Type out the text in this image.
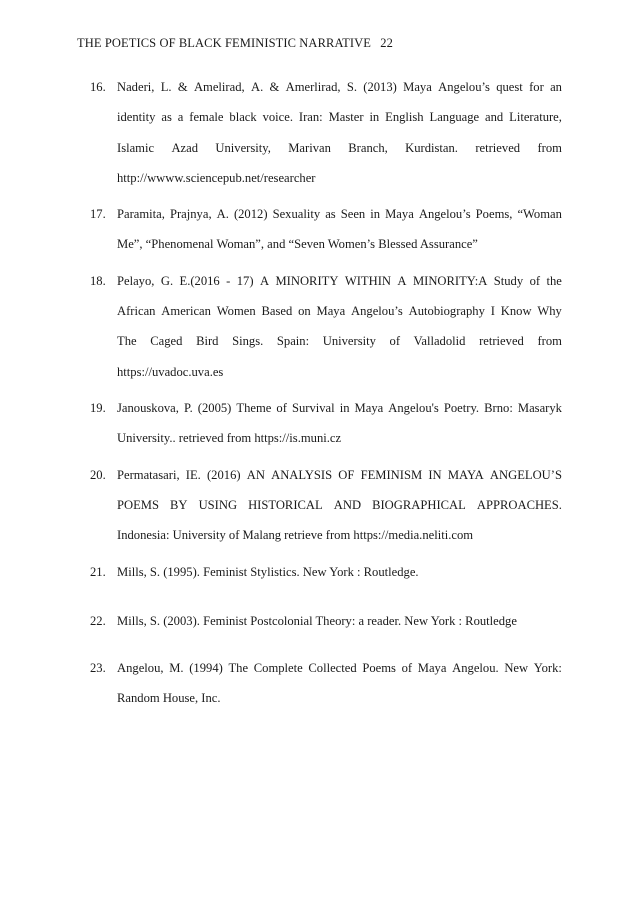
THE POETICS OF BLACK FEMINISTIC NARRATIVE 22
16. Naderi, L. & Amelirad, A. & Amerlirad, S. (2013) Maya Angelou’s quest for an
identity as a female black voice. Iran: Master in English Language and Literature,
Islamic Azad University, Marivan Branch, Kurdistan. retrieved from
http://wwww.sciencepub.net/researcher
17. Paramita, Prajnya, A. (2012) Sexuality as Seen in Maya Angelou’s Poems, “Woman
Me”, “Phenomenal Woman”, and “Seven Women’s Blessed Assurance”
18. Pelayo, G. E.(2016 - 17) A MINORITY WITHIN A MINORITY:A Study of the
African American Women Based on Maya Angelou’s Autobiography I Know Why
The Caged Bird Sings. Spain: University of Valladolid retrieved from
https://uvadoc.uva.es
19. Janouskova, P. (2005) Theme of Survival in Maya Angelou's Poetry. Brno: Masaryk
University.. retrieved from https://is.muni.cz
20. Permatasari, IE. (2016) AN ANALYSIS OF FEMINISM IN MAYA ANGELOU’S
POEMS BY USING HISTORICAL AND BIOGRAPHICAL APPROACHES.
Indonesia: University of Malang retrieve from https://media.neliti.com
21. Mills, S. (1995). Feminist Stylistics. New York : Routledge.
22. Mills, S. (2003). Feminist Postcolonial Theory: a reader. New York : Routledge
23. Angelou, M. (1994) The Complete Collected Poems of Maya Angelou. New York:
Random House, Inc.
